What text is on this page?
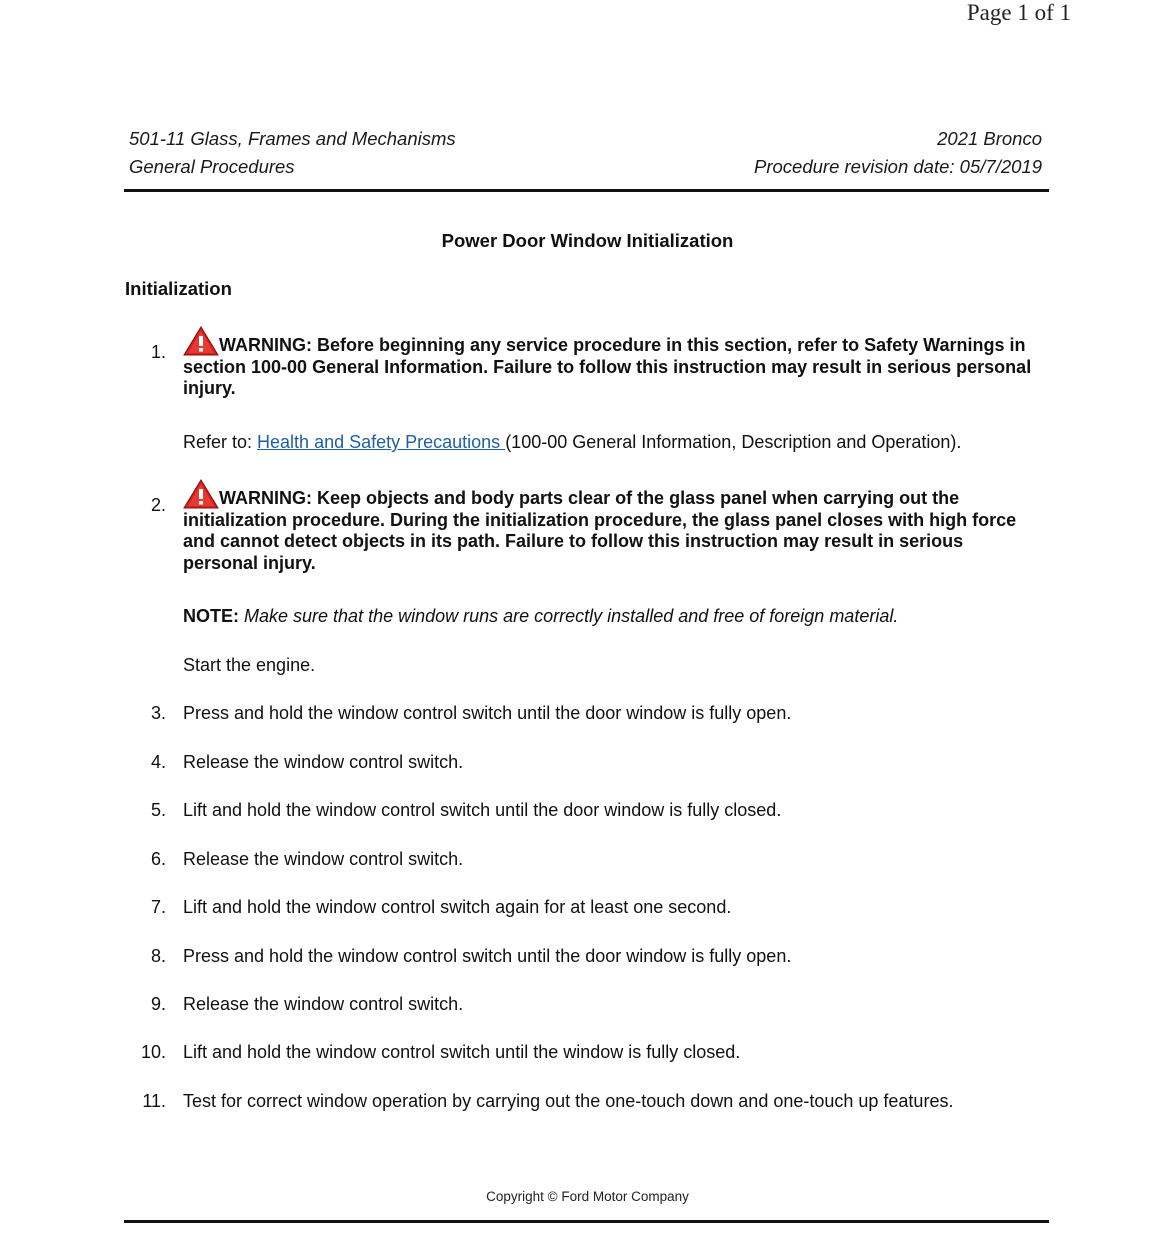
Page 1 of 1
501-11 Glass, Frames and Mechanisms
General Procedures
2021 Bronco
Procedure revision date: 05/7/2019
Power Door Window Initialization
Initialization
1.	WARNING: Before beginning any service procedure in this section, refer to Safety Warnings in section 100-00 General Information. Failure to follow this instruction may result in serious personal injury.
Refer to: Health and Safety Precautions (100-00 General Information, Description and Operation).
2.	WARNING: Keep objects and body parts clear of the glass panel when carrying out the initialization procedure. During the initialization procedure, the glass panel closes with high force and cannot detect objects in its path. Failure to follow this instruction may result in serious personal injury.
NOTE: Make sure that the window runs are correctly installed and free of foreign material.
Start the engine.
3. Press and hold the window control switch until the door window is fully open.
4. Release the window control switch.
5. Lift and hold the window control switch until the door window is fully closed.
6. Release the window control switch.
7. Lift and hold the window control switch again for at least one second.
8. Press and hold the window control switch until the door window is fully open.
9. Release the window control switch.
10. Lift and hold the window control switch until the window is fully closed.
11. Test for correct window operation by carrying out the one-touch down and one-touch up features.
Copyright © Ford Motor Company
